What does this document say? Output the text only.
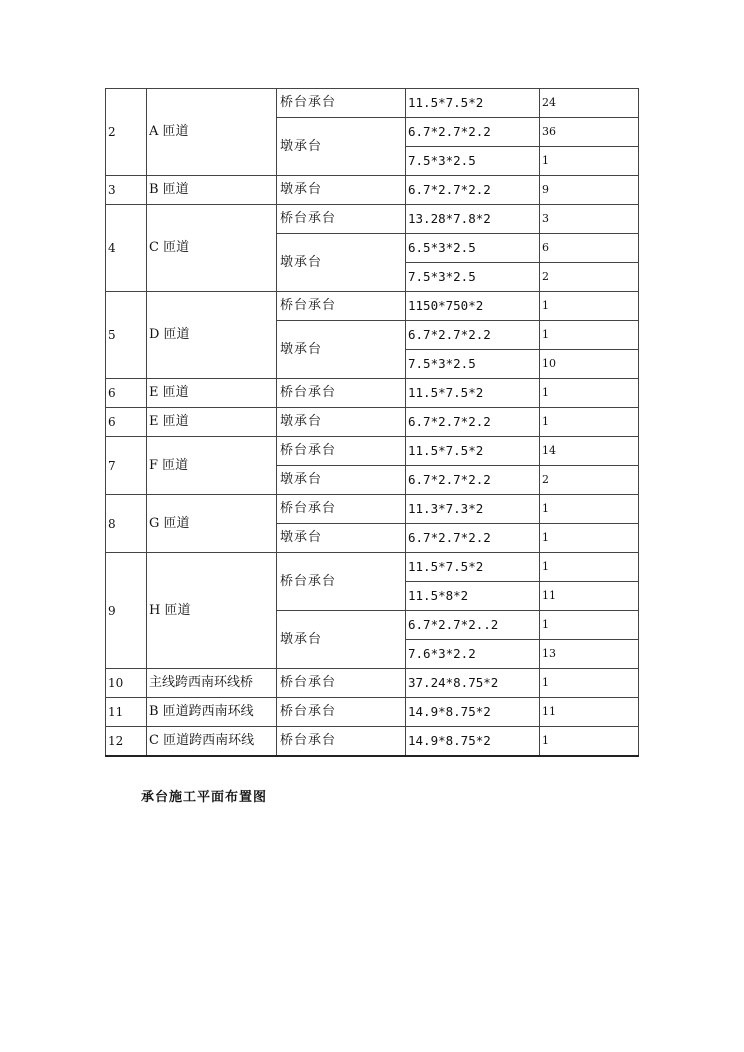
2	A 匝道	桥台承台	11.5*7.5*2	24
		墩承台	6.7*2.7*2.2	36
			7.5*3*2.5	1
3	B 匝道	墩承台	6.7*2.7*2.2	9
4	C 匝道	桥台承台	13.28*7.8*2	3
		墩承台	6.5*3*2.5	6
			7.5*3*2.5	2
5	D 匝道	桥台承台	1150*750*2	1
		墩承台	6.7*2.7*2.2	1
			7.5*3*2.5	10
6	E 匝道	桥台承台	11.5*7.5*2	1
6	E 匝道	墩承台	6.7*2.7*2.2	1
7	F 匝道	桥台承台	11.5*7.5*2	14
		墩承台	6.7*2.7*2.2	2
8	G 匝道	桥台承台	11.3*7.3*2	1
		墩承台	6.7*2.7*2.2	1
9	H 匝道	桥台承台	11.5*7.5*2	1
			11.5*8*2	11
		墩承台	6.7*2.7*2..2	1
			7.6*3*2.2	13
10	主线跨西南环线桥	桥台承台	37.24*8.75*2	1
11	B 匝道跨西南环线	桥台承台	14.9*8.75*2	11
12	C 匝道跨西南环线	桥台承台	14.9*8.75*2	1
承台施工平面布置图
